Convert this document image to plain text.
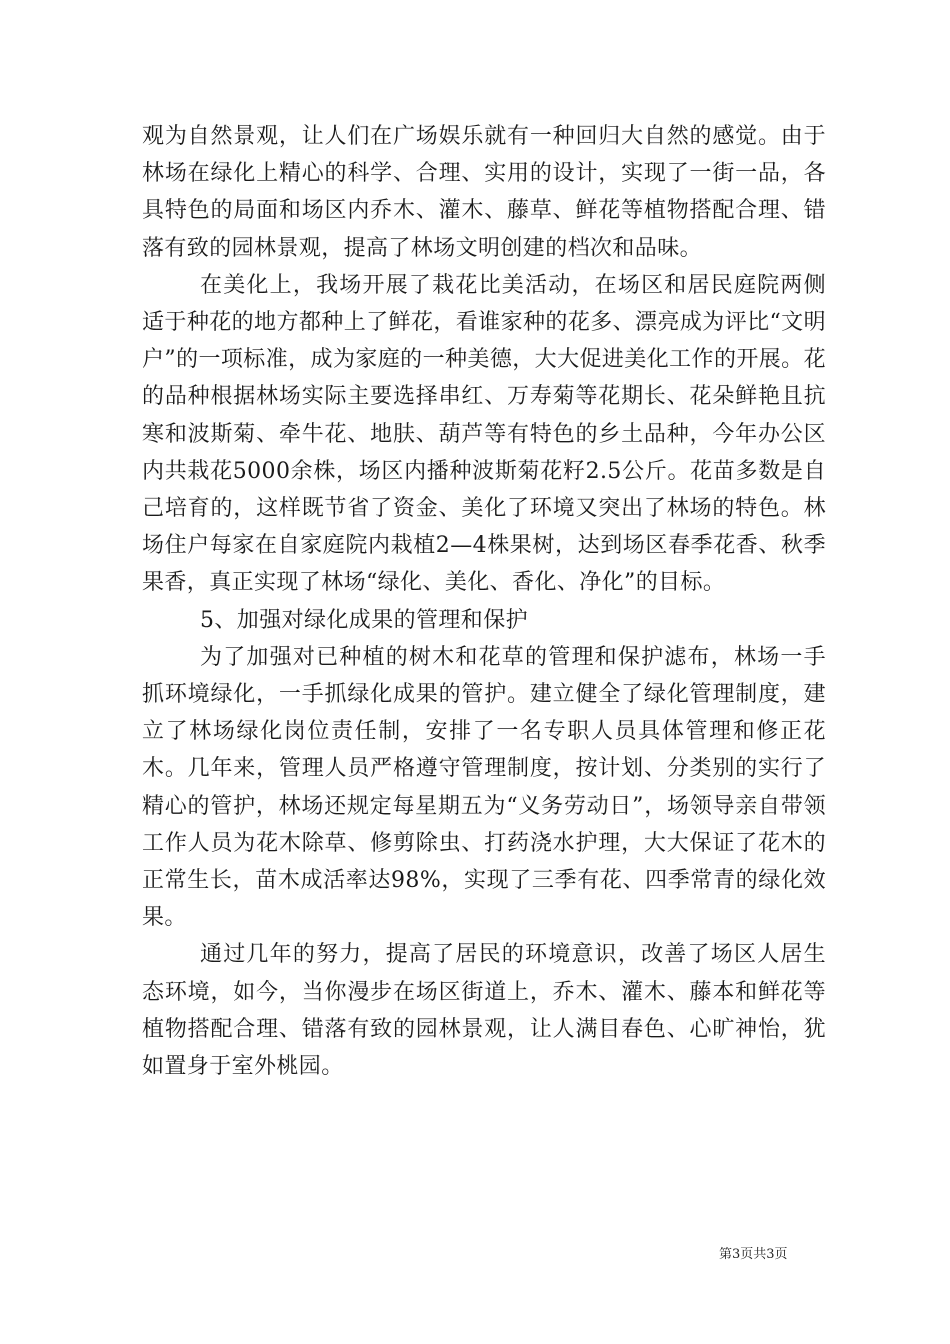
观为自然景观，让人们在广场娱乐就有一种回归大自然的感觉。由于林场在绿化上精心的科学、合理、实用的设计，实现了一街一品，各具特色的局面和场区内乔木、灌木、藤草、鲜花等植物搭配合理、错落有致的园林景观，提高了林场文明创建的档次和品味。

在美化上，我场开展了栽花比美活动，在场区和居民庭院两侧适于种花的地方都种上了鲜花，看谁家种的花多、漂亮成为评比“文明户”的一项标准，成为家庭的一种美德，大大促进美化工作的开展。花的品种根据林场实际主要选择串红、万寿菊等花期长、花朵鲜艳且抗寒和波斯菊、牵牛花、地肤、葫芦等有特色的乡土品种，今年办公区内共栽花5000余株，场区内播种波斯菊花籽2.5公斤。花苗多数是自己培育的，这样既节省了资金、美化了环境又突出了林场的特色。林场住户每家在自家庭院内栽植2—4株果树，达到场区春季花香、秋季果香，真正实现了林场“绿化、美化、香化、净化”的目标。

5、加强对绿化成果的管理和保护

为了加强对已种植的树木和花草的管理和保护滤布，林场一手抓环境绿化，一手抓绿化成果的管护。建立健全了绿化管理制度，建立了林场绿化岗位责任制，安排了一名专职人员具体管理和修正花木。几年来，管理人员严格遵守管理制度，按计划、分类别的实行了精心的管护，林场还规定每星期五为“义务劳动日”，场领导亲自带领工作人员为花木除草、修剪除虫、打药浇水护理，大大保证了花木的正常生长，苗木成活率达98%，实现了三季有花、四季常青的绿化效果。

通过几年的努力，提高了居民的环境意识，改善了场区人居生态环境，如今，当你漫步在场区街道上，乔木、灌木、藤本和鲜花等植物搭配合理、错落有致的园林景观，让人满目春色、心旷神怡，犹如置身于室外桃园。

第3页共3页
